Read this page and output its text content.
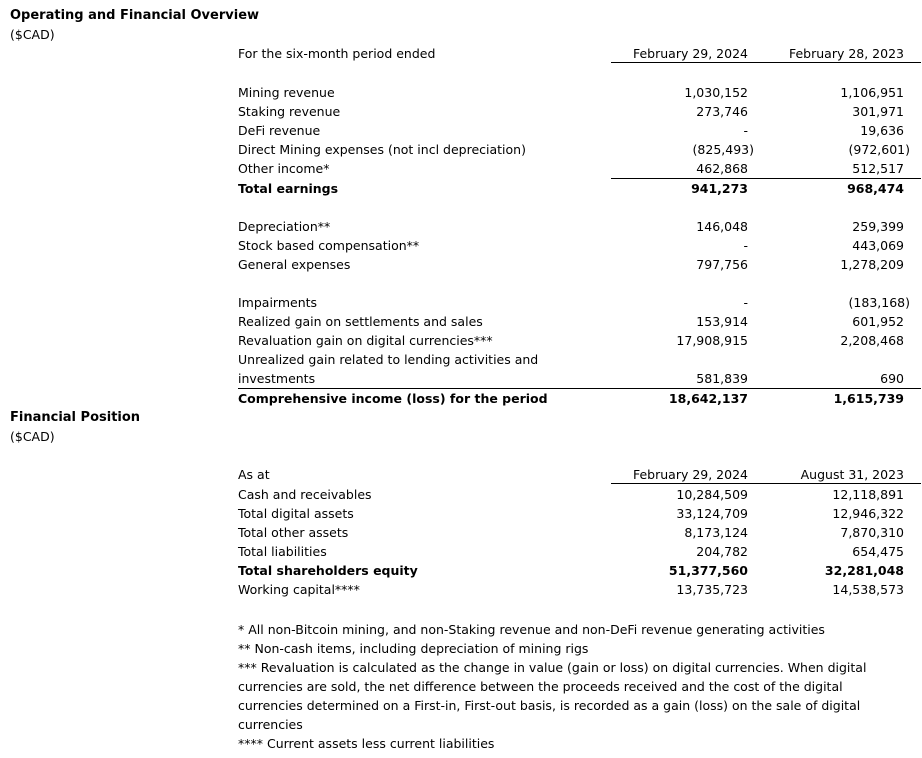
Operating and Financial Overview
($CAD)
For the six-month period ended	February 29, 2024	February 28, 2023
Mining revenue	1,030,152	1,106,951
Staking revenue	273,746	301,971
DeFi revenue	-	19,636
Direct Mining expenses (not incl depreciation)	(825,493)	(972,601)
Other income*	462,868	512,517
Total earnings	941,273	968,474
Depreciation**	146,048	259,399
Stock based compensation**	-	443,069
General expenses	797,756	1,278,209
Impairments	-	(183,168)
Realized gain on settlements and sales	153,914	601,952
Revaluation gain on digital currencies***	17,908,915	2,208,468
Unrealized gain related to lending activities and
investments	581,839	690
Comprehensive income (loss) for the period	18,642,137	1,615,739
Financial Position
($CAD)
As at	February 29, 2024	August 31, 2023
Cash and receivables	10,284,509	12,118,891
Total digital assets	33,124,709	12,946,322
Total other assets	8,173,124	7,870,310
Total liabilities	204,782	654,475
Total shareholders equity	51,377,560	32,281,048
Working capital****	13,735,723	14,538,573
* All non-Bitcoin mining, and non-Staking revenue and non-DeFi revenue generating activities
** Non-cash items, including depreciation of mining rigs
*** Revaluation is calculated as the change in value (gain or loss) on digital currencies. When digital currencies are sold, the net difference between the proceeds received and the cost of the digital currencies determined on a First-in, First-out basis, is recorded as a gain (loss) on the sale of digital currencies
**** Current assets less current liabilities
